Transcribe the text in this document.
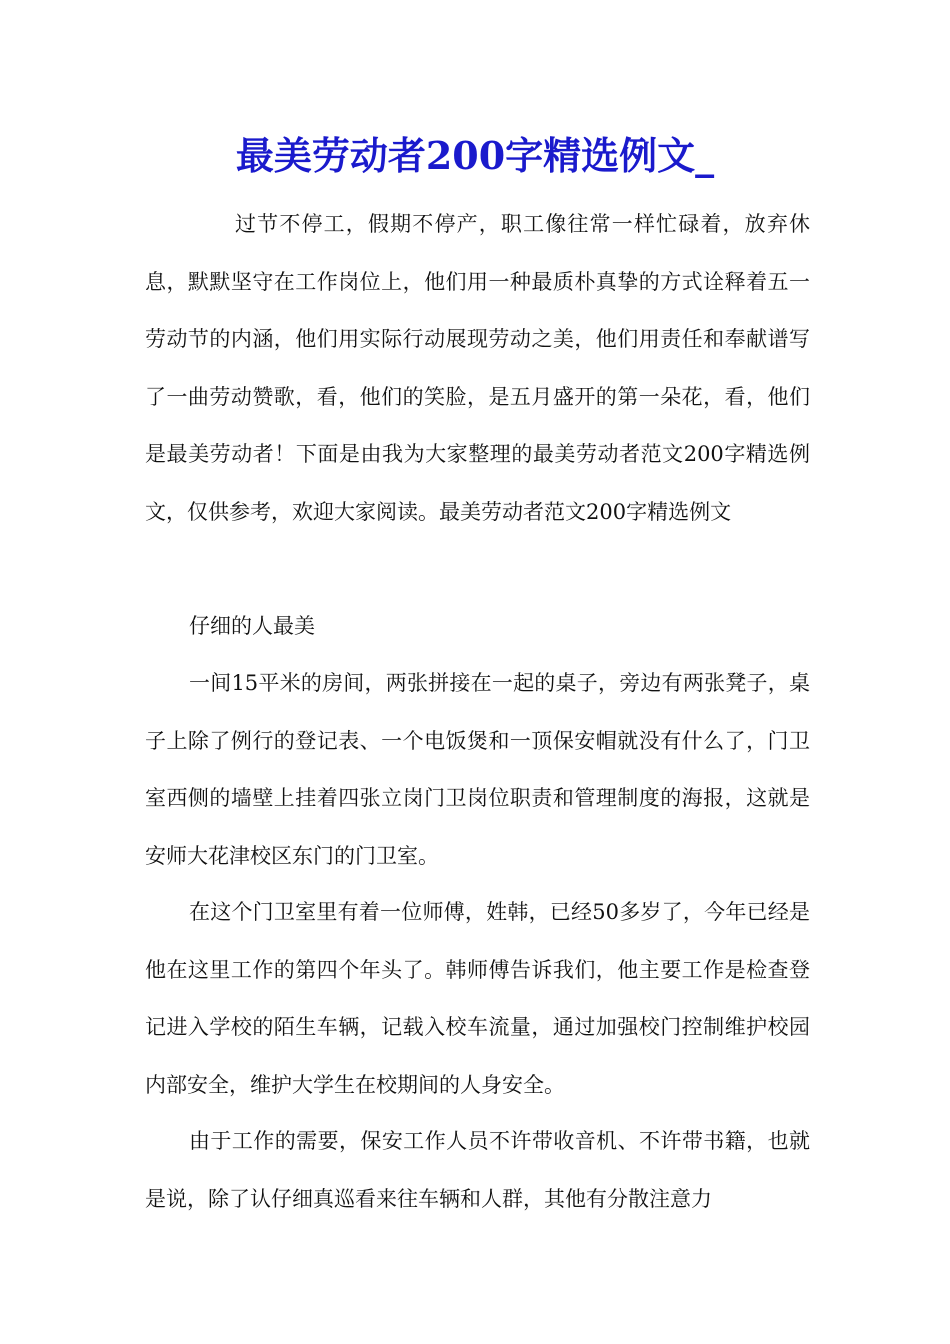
最美劳动者200字精选例文_

过节不停工，假期不停产，职工像往常一样忙碌着，放弃休息，默默坚守在工作岗位上，他们用一种最质朴真挚的方式诠释着五一劳动节的内涵，他们用实际行动展现劳动之美，他们用责任和奉献谱写了一曲劳动赞歌，看，他们的笑脸，是五月盛开的第一朵花，看，他们是最美劳动者！下面是由我为大家整理的最美劳动者范文200字精选例文，仅供参考，欢迎大家阅读。最美劳动者范文200字精选例文

仔细的人最美

一间15平米的房间，两张拼接在一起的桌子，旁边有两张凳子，桌子上除了例行的登记表、一个电饭煲和一顶保安帽就没有什么了，门卫室西侧的墙壁上挂着四张立岗门卫岗位职责和管理制度的海报，这就是安师大花津校区东门的门卫室。

在这个门卫室里有着一位师傅，姓韩，已经50多岁了，今年已经是他在这里工作的第四个年头了。韩师傅告诉我们，他主要工作是检查登记进入学校的陌生车辆，记载入校车流量，通过加强校门控制维护校园内部安全，维护大学生在校期间的人身安全。

由于工作的需要，保安工作人员不许带收音机、不许带书籍，也就是说，除了认仔细真巡看来往车辆和人群，其他有分散注意力
